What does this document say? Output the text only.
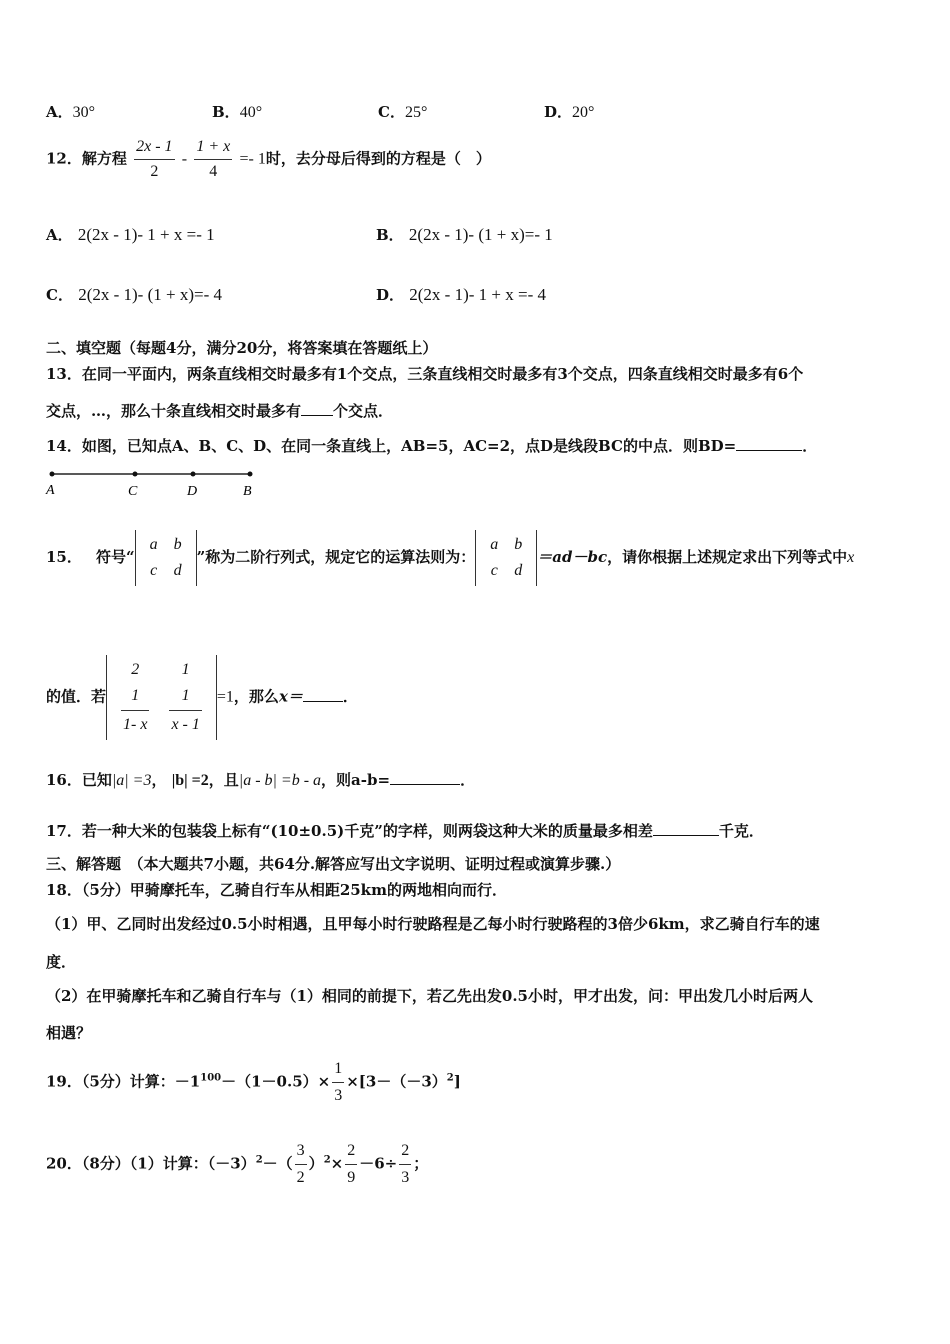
A．30°	B．40°	C．25°	D．20°
12．解方程 $\frac{2x - 1}{2} - \frac{1 + x}{4} =- 1$时，去分母后得到的方程是（　）
A． 2(2x - 1)- 1 + x =- 1	B． 2(2x - 1)- (1 + x)=- 1
C． 2(2x - 1)- (1 + x)=- 4	D． 2(2x - 1)- 1 + x =- 4
二、填空题（每题4分，满分20分，将答案填在答题纸上）
13．在同一平面内，两条直线相交时最多有1个交点，三条直线相交时最多有3个交点，四条直线相交时最多有6个
交点，…，那么十条直线相交时最多有 个交点．
14．如图，已知点A、B、C、D、在同一条直线上，AB=5，AC=2，点D是线段BC的中点．则BD=	．
A	C	D	B
15． 符号“
a	b
c	d
”称为二阶行列式，规定它的运算法则为：
a	b
c	d
＝ad－bc，请你根据上述规定求出下列等式中x
的值．若
2	1

$\frac{1}{1- x}$	$\frac{1}{x - 1} =1$，那么x＝	．
16．已知|a| =3， |b| =2，且|a - b| =b - a，则a-b=	．
17．若一种大米的包装袋上标有“(10±0.5)千克”的字样，则两袋这种大米的质量最多相差	千克．
三、解答题　（本大题共7小题，共64分.解答应写出文字说明、证明过程或演算步骤.）
18．（5分）甲骑摩托车，乙骑自行车从相距25km的两地相向而行．
（1）甲、乙同时出发经过0.5小时相遇，且甲每小时行驶路程是乙每小时行驶路程的3倍少6km，求乙骑自行车的速
度．
（2）在甲骑摩托车和乙骑自行车与（1）相同的前提下，若乙先出发0.5小时，甲才出发，问：甲出发几小时后两人
相遇？
19．（5分）计算：$-1^{100}-(1-0.5)\times \frac{1}{3} \times[3-(-3)^2]$
20．（8分）（1）计算：$(-3)^2-( \frac{3}{2} )^2\times \frac{2}{9} -6\div \frac{2}{3}$ ；
